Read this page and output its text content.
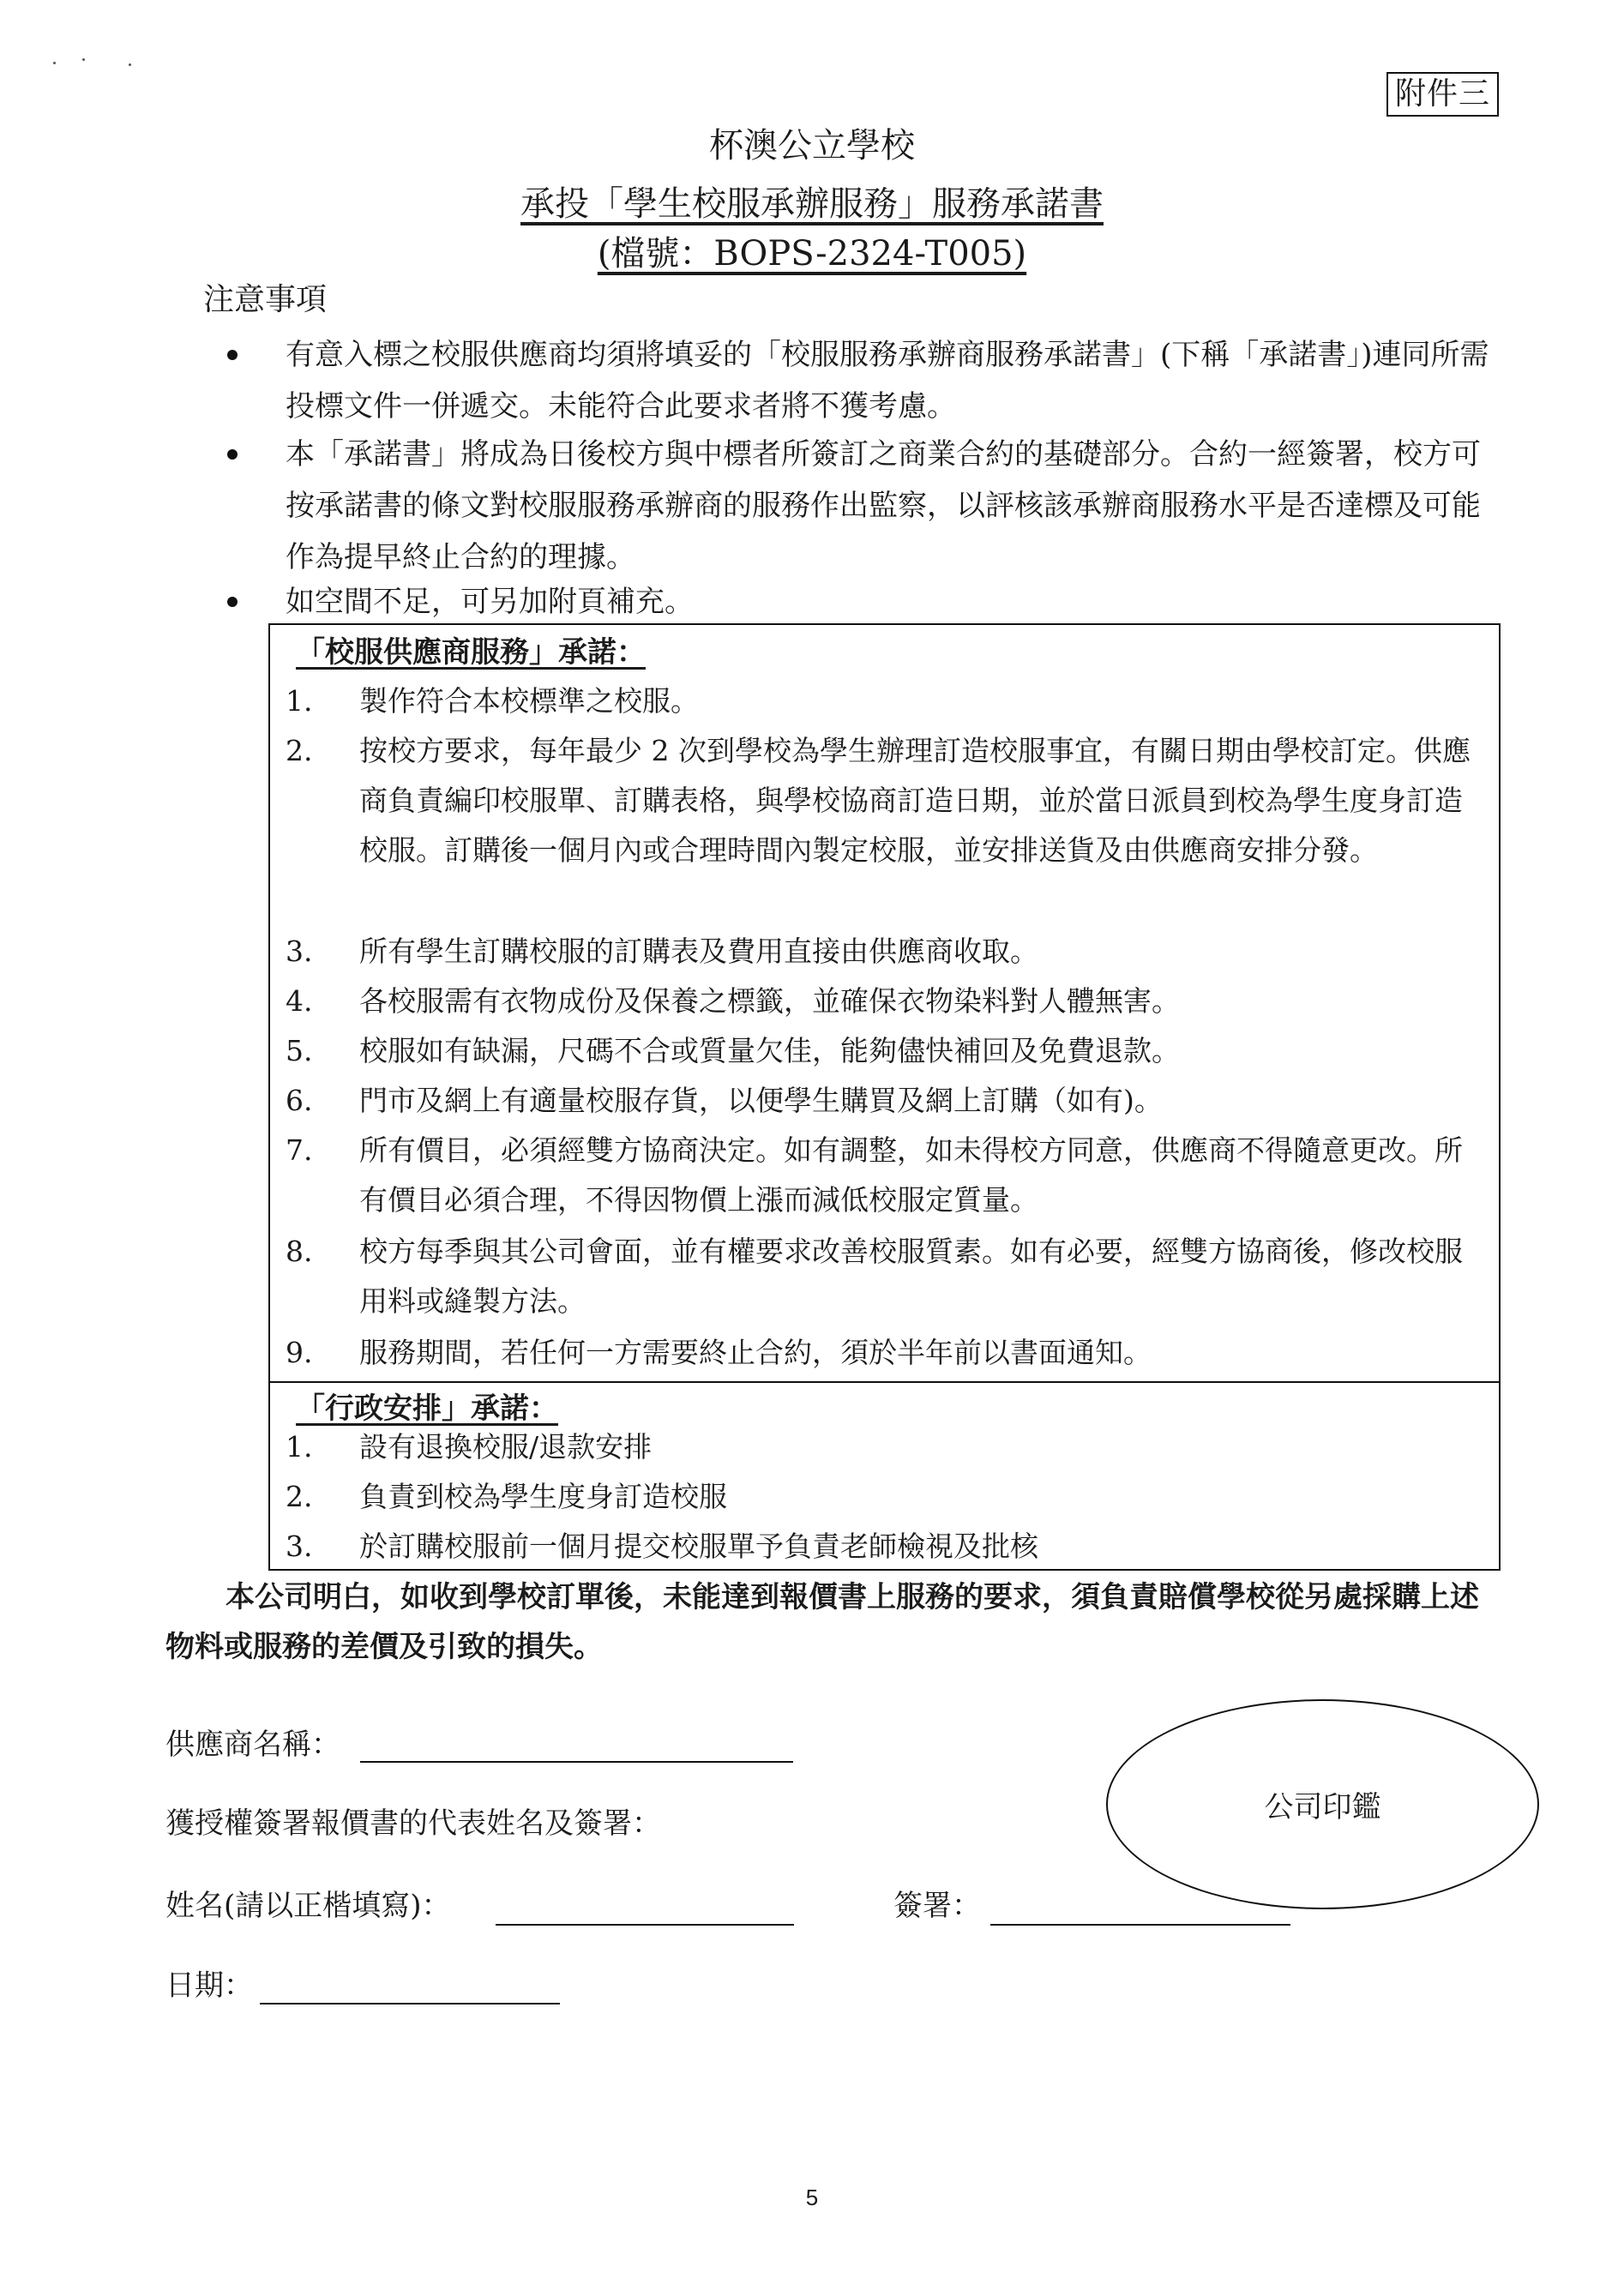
附件三
杯澳公立學校
承投「學生校服承辦服務」服務承諾書
(檔號：BOPS-2324-T005)
注意事項
有意入標之校服供應商均須將填妥的「校服服務承辦商服務承諾書」(下稱「承諾書」)連同所需投標文件一併遞交。未能符合此要求者將不獲考慮。
本「承諾書」將成為日後校方與中標者所簽訂之商業合約的基礎部分。合約一經簽署，校方可按承諾書的條文對校服服務承辦商的服務作出監察，以評核該承辦商服務水平是否達標及可能作為提早終止合約的理據。
如空間不足，可另加附頁補充。
「校服供應商服務」承諾：
1.	製作符合本校標準之校服。
2.	按校方要求，每年最少 2 次到學校為學生辦理訂造校服事宜，有關日期由學校訂定。供應商負責編印校服單、訂購表格，與學校協商訂造日期，並於當日派員到校為學生度身訂造校服。訂購後一個月內或合理時間內製定校服，並安排送貨及由供應商安排分發。
3.	所有學生訂購校服的訂購表及費用直接由供應商收取。
4.	各校服需有衣物成份及保養之標籤，並確保衣物染料對人體無害。
5.	校服如有缺漏，尺碼不合或質量欠佳，能夠儘快補回及免費退款。
6.	門市及網上有適量校服存貨，以便學生購買及網上訂購（如有)。
7.	所有價目，必須經雙方協商決定。如有調整，如未得校方同意，供應商不得隨意更改。所有價目必須合理，不得因物價上漲而減低校服定質量。
8.	校方每季與其公司會面，並有權要求改善校服質素。如有必要，經雙方協商後，修改校服用料或縫製方法。
9.	服務期間，若任何一方需要終止合約，須於半年前以書面通知。
「行政安排」承諾：
1.	設有退換校服/退款安排
2.	負責到校為學生度身訂造校服
3.	於訂購校服前一個月提交校服單予負責老師檢視及批核
本公司明白，如收到學校訂單後，未能達到報價書上服務的要求，須負責賠償學校從另處採購上述物料或服務的差價及引致的損失。
供應商名稱：
獲授權簽署報價書的代表姓名及簽署：
姓名(請以正楷填寫)：	簽署：
日期：
公司印鑑
5
